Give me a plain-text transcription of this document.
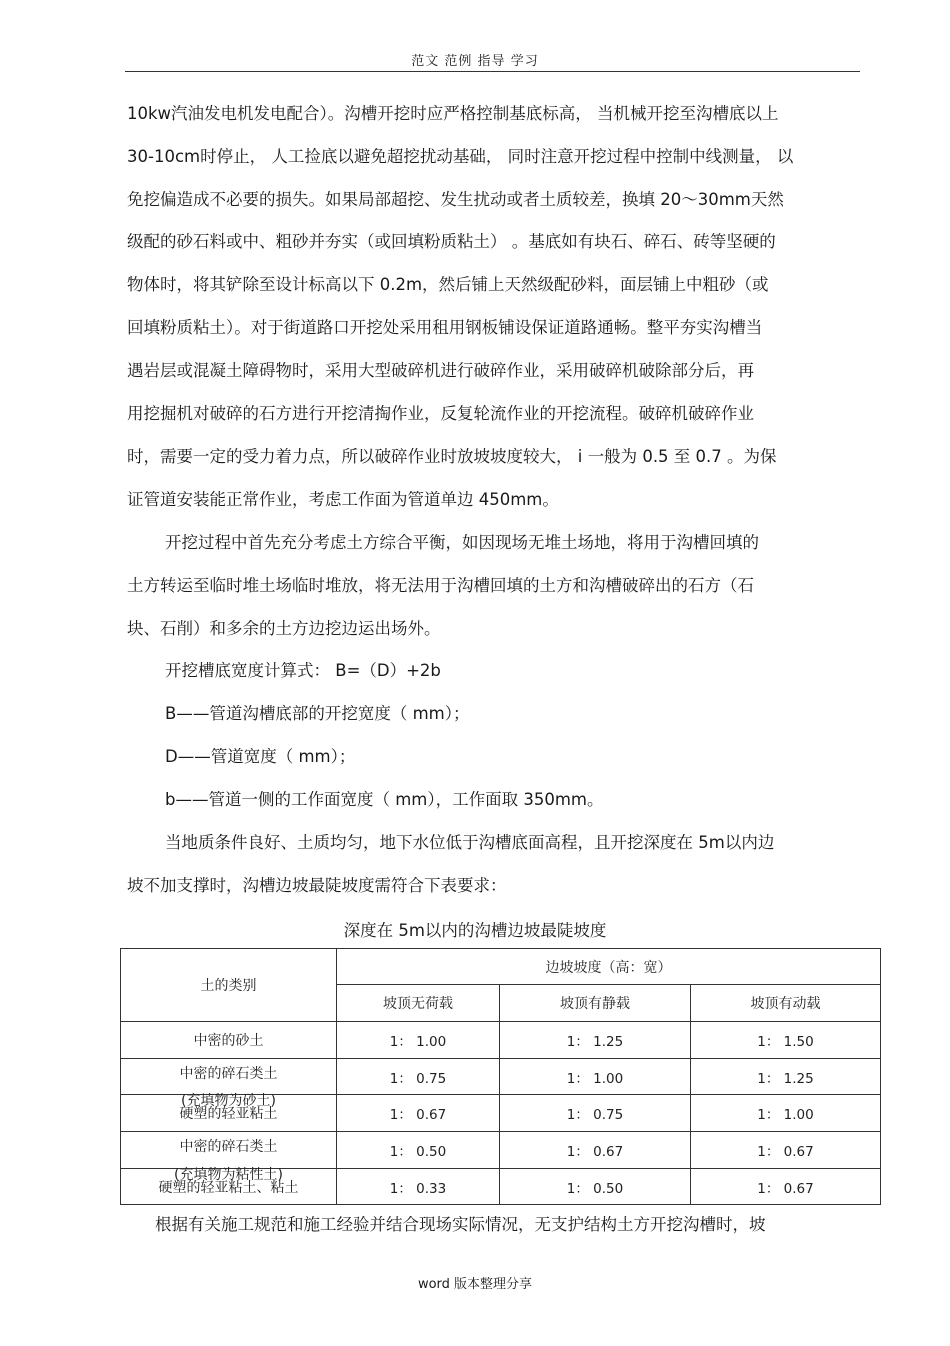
范文 范例 指导 学习
10kw汽油发电机发电配合）。沟槽开挖时应严格控制基底标高， 当机械开挖至沟槽底以上
30-10cm时停止， 人工捡底以避免超挖扰动基础， 同时注意开挖过程中控制中线测量， 以
免挖偏造成不必要的损失。如果局部超挖、发生扰动或者土质较差，换填 20～30mm天然
级配的砂石料或中、粗砂并夯实（或回填粉质粘土） 。基底如有块石、碎石、砖等坚硬的
物体时，将其铲除至设计标高以下 0.2m，然后铺上天然级配砂料，面层铺上中粗砂（或
回填粉质粘土）。对于街道路口开挖处采用租用钢板铺设保证道路通畅。整平夯实沟槽当
遇岩层或混凝土障碍物时，采用大型破碎机进行破碎作业，采用破碎机破除部分后，再
用挖掘机对破碎的石方进行开挖清掏作业，反复轮流作业的开挖流程。破碎机破碎作业
时，需要一定的受力着力点，所以破碎作业时放坡坡度较大， i 一般为 0.5 至 0.7 。为保
证管道安装能正常作业，考虑工作面为管道单边 450mm。
开挖过程中首先充分考虑土方综合平衡，如因现场无堆土场地，将用于沟槽回填的
土方转运至临时堆土场临时堆放，将无法用于沟槽回填的土方和沟槽破碎出的石方（石
块、石削）和多余的土方边挖边运出场外。
开挖槽底宽度计算式： B=（D）+2b
B——管道沟槽底部的开挖宽度（ mm）；
D——管道宽度（ mm）；
b——管道一侧的工作面宽度（ mm），工作面取 350mm。
当地质条件良好、土质均匀，地下水位低于沟槽底面高程，且开挖深度在 5m以内边
坡不加支撑时，沟槽边坡最陡坡度需符合下表要求：
深度在 5m以内的沟槽边坡最陡坡度
土的类别	边坡坡度（高：宽）		
	坡顶无荷载	坡顶有静载	坡顶有动载
中密的砂土	1： 1.00	1： 1.25	1： 1.50

中密的碎石类土
(充填物为砂土)	1： 0.75	1： 1.00	1： 1.25
硬塑的轻亚粘土	1： 0.67	1： 0.75	1： 1.00

中密的碎石类土
(充填物为粘性土)	1： 0.50	1： 0.67	1： 0.67
硬塑的轻亚粘土、粘土	1： 0.33	1： 0.50	1： 0.67
根据有关施工规范和施工经验并结合现场实际情况，无支护结构土方开挖沟槽时，坡
word 版本整理分享
